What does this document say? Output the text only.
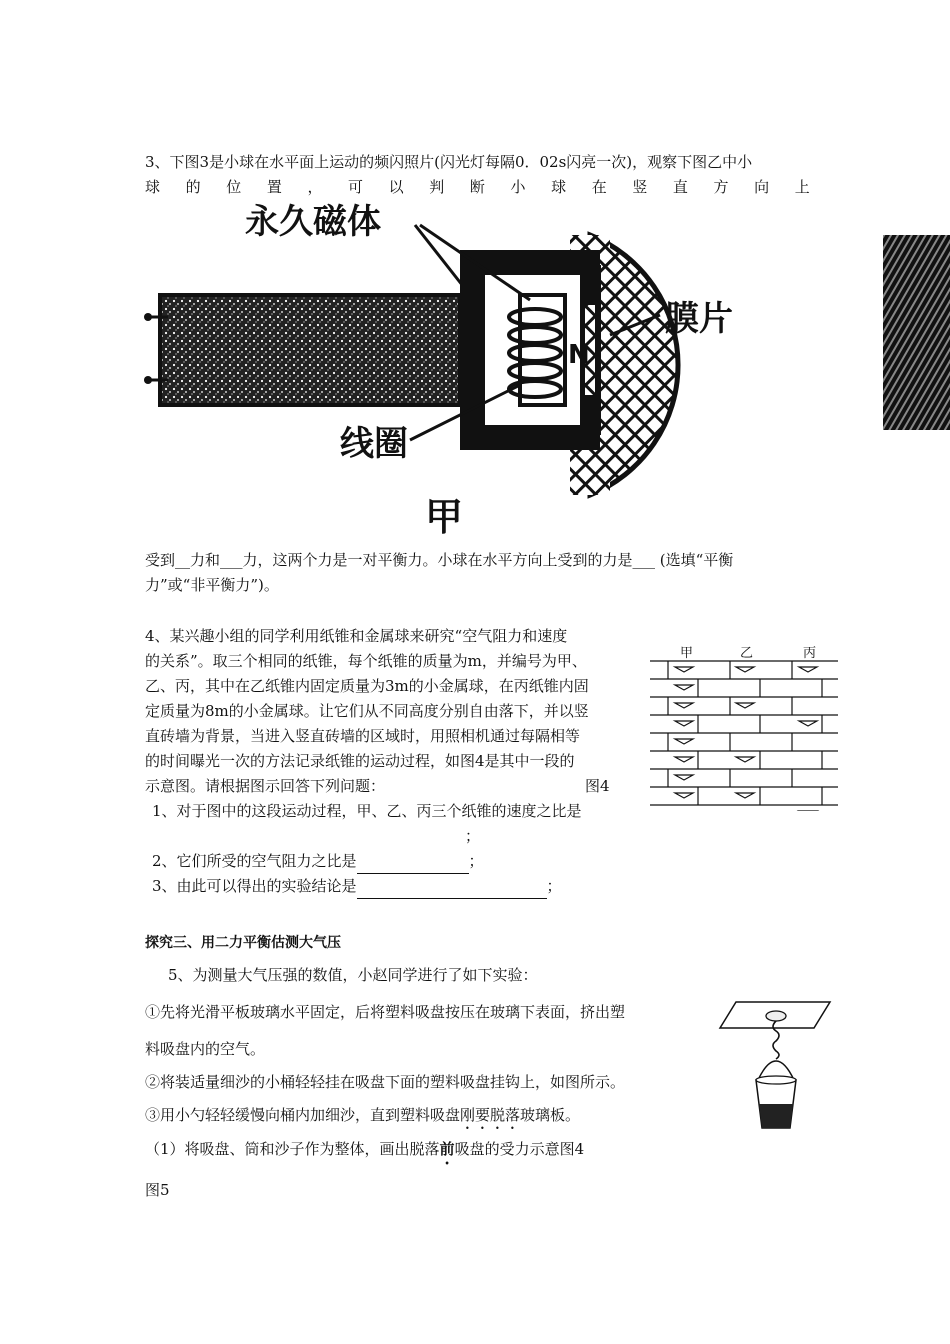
3、下图3是小球在水平面上运动的频闪照片(闪光灯每隔0．02s闪亮一次)，观察下图乙中小
球 的 位 置 ， 可 以 判 断 小 球 在 竖 直 方 向 上
N
永久磁体
膜片
线圈
甲
受到__力和___力，这两个力是一对平衡力。小球在水平方向上受到的力是___ (选填“平衡
力”或“非平衡力”)。
4、某兴趣小组的同学利用纸锥和金属球来研究“空气阻力和速度
的关系”。取三个相同的纸锥，每个纸锥的质量为m，并编号为甲、
乙、丙，其中在乙纸锥内固定质量为3m的小金属球，在丙纸锥内固
定质量为8m的小金属球。让它们从不同高度分别自由落下，并以竖
直砖墙为背景，当进入竖直砖墙的区域时，用照相机通过每隔相等
的时间曝光一次的方法记录纸锥的运动过程，如图4是其中一段的
示意图。请根据图示回答下列问题：	图4
1、对于图中的这段运动过程，甲、乙、丙三个纸锥的速度之比是
；
2、它们所受的空气阻力之比是	；
3、由此可以得出的实验结论是	；
甲	乙	丙
探究三、用二力平衡估测大气压
5、为测量大气压强的数值，小赵同学进行了如下实验：
①先将光滑平板玻璃水平固定，后将塑料吸盘按压在玻璃下表面，挤出塑
料吸盘内的空气。
②将装适量细沙的小桶轻轻挂在吸盘下面的塑料吸盘挂钩上，如图所示。
③用小勺轻轻缓慢向桶内加细沙，直到塑料吸盘刚要脱落玻璃板。
（1）将吸盘、筒和沙子作为整体，画出脱落前吸盘的受力示意图4
图5
